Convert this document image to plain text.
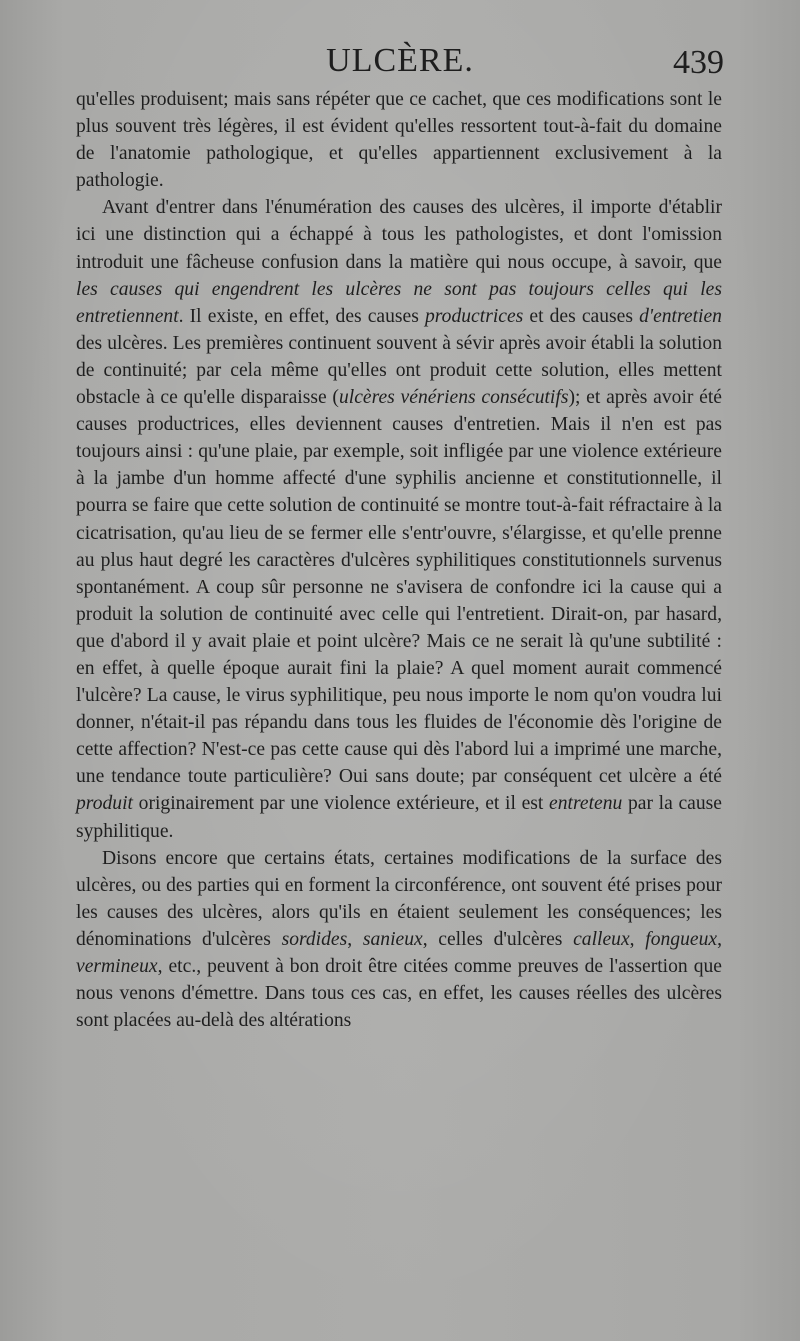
ULCÈRE.	439

qu'elles produisent; mais sans répéter que ce cachet, que ces modifications sont le plus souvent très légères, il est évident qu'elles ressortent tout-à-fait du domaine de l'anatomie pathologique, et qu'elles appartiennent exclusivement à la pathologie.

Avant d'entrer dans l'énumération des causes des ulcères, il importe d'établir ici une distinction qui a échappé à tous les pathologistes, et dont l'omission introduit une fâcheuse confusion dans la matière qui nous occupe, à savoir, que les causes qui engendrent les ulcères ne sont pas toujours celles qui les entretiennent. Il existe, en effet, des causes productrices et des causes d'entretien des ulcères. Les premières continuent souvent à sévir après avoir établi la solution de continuité; par cela même qu'elles ont produit cette solution, elles mettent obstacle à ce qu'elle disparaisse (ulcères vénériens consécutifs); et après avoir été causes productrices, elles deviennent causes d'entretien. Mais il n'en est pas toujours ainsi : qu'une plaie, par exemple, soit infligée par une violence extérieure à la jambe d'un homme affecté d'une syphilis ancienne et constitutionnelle, il pourra se faire que cette solution de continuité se montre tout-à-fait réfractaire à la cicatrisation, qu'au lieu de se fermer elle s'entr'ouvre, s'élargisse, et qu'elle prenne au plus haut degré les caractères d'ulcères syphilitiques constitutionnels survenus spontanément. A coup sûr personne ne s'avisera de confondre ici la cause qui a produit la solution de continuité avec celle qui l'entretient. Dirait-on, par hasard, que d'abord il y avait plaie et point ulcère? Mais ce ne serait là qu'une subtilité : en effet, à quelle époque aurait fini la plaie? A quel moment aurait commencé l'ulcère? La cause, le virus syphilitique, peu nous importe le nom qu'on voudra lui donner, n'était-il pas répandu dans tous les fluides de l'économie dès l'origine de cette affection? N'est-ce pas cette cause qui dès l'abord lui a imprimé une marche, une tendance toute particulière? Oui sans doute; par conséquent cet ulcère a été produit originairement par une violence extérieure, et il est entretenu par la cause syphilitique.

Disons encore que certains états, certaines modifications de la surface des ulcères, ou des parties qui en forment la circonférence, ont souvent été prises pour les causes des ulcères, alors qu'ils en étaient seulement les conséquences; les dénominations d'ulcères sordides, sanieux, celles d'ulcères calleux, fongueux, vermineux, etc., peuvent à bon droit être citées comme preuves de l'assertion que nous venons d'émettre. Dans tous ces cas, en effet, les causes réelles des ulcères sont placées au-delà des altérations
